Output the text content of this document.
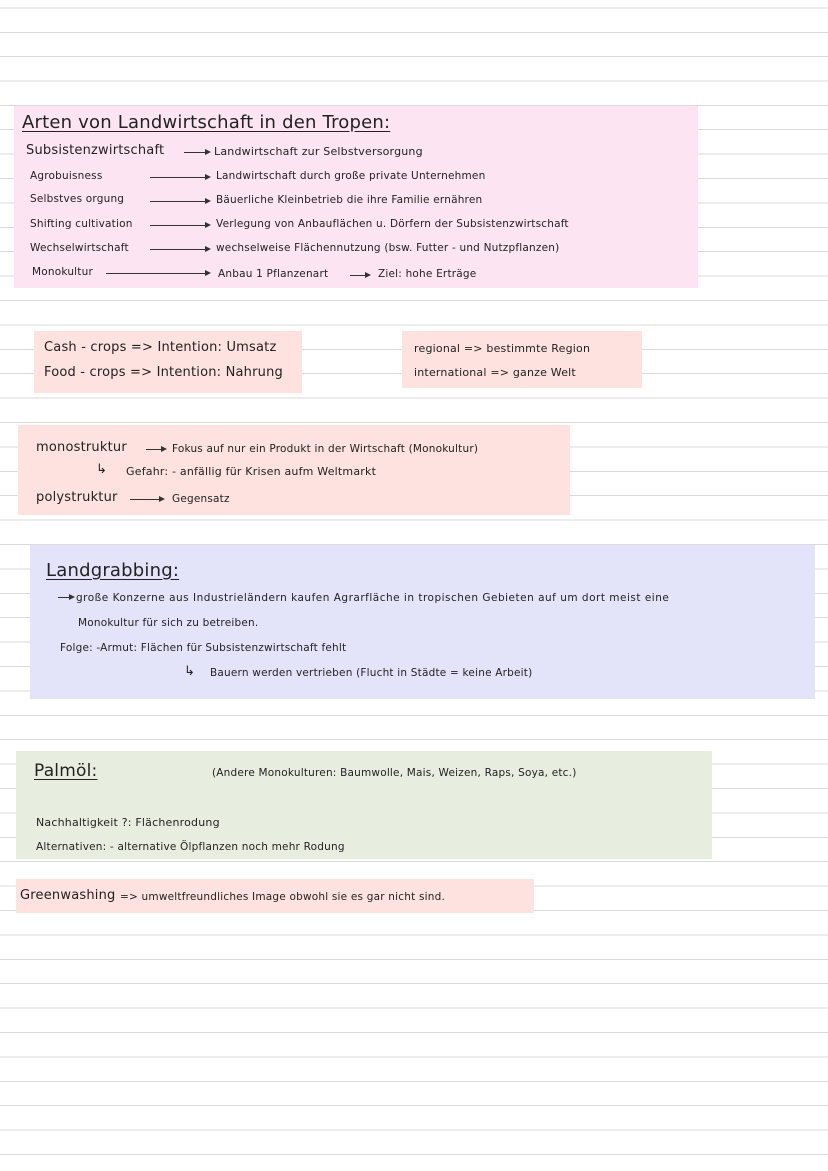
Arten von Landwirtschaft in den Tropen:
Subsistenzwirtschaft	Landwirtschaft zur Selbstversorgung
Agrobuisness	Landwirtschaft durch große private Unternehmen
Selbstves orgung	Bäuerliche Kleinbetrieb die ihre Familie ernähren
Shifting cultivation	Verlegung von Anbauflächen u. Dörfern der Subsistenzwirtschaft
Wechselwirtschaft	wechselweise Flächennutzung (bsw. Futter - und Nutzpflanzen)
Monokultur	Anbau 1 Pflanzenart	Ziel: hohe Erträge
Cash - crops => Intention: Umsatz
Food - crops => Intention: Nahrung
regional => bestimmte Region
international => ganze Welt
monostruktur	Fokus auf nur ein Produkt in der Wirtschaft (Monokultur)
↳ Gefahr: - anfällig für Krisen aufm Weltmarkt
polystruktur	Gegensatz
Landgrabbing:
große Konzerne aus Industrieländern kaufen Agrarfläche in tropischen Gebieten auf um dort meist eine
Monokultur für sich zu betreiben.
Folge: -Armut: Flächen für Subsistenzwirtschaft fehlt
↳ Bauern werden vertrieben (Flucht in Städte = keine Arbeit)
Palmöl:	(Andere Monokulturen: Baumwolle, Mais, Weizen, Raps, Soya, etc.)
Nachhaltigkeit ?: Flächenrodung
Alternativen: - alternative Ölpflanzen noch mehr Rodung
Greenwashing => umweltfreundliches Image obwohl sie es gar nicht sind.
